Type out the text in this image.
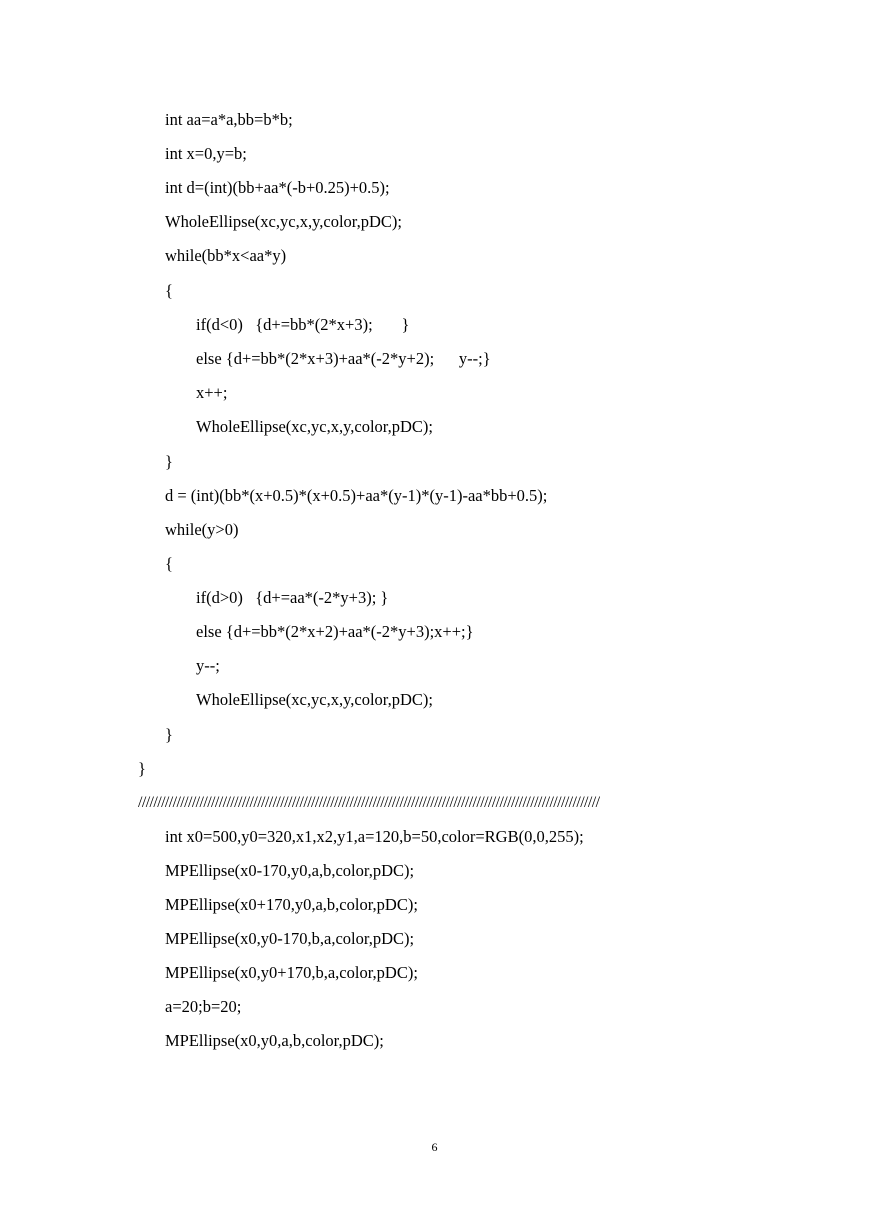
int aa=a*a,bb=b*b;
int x=0,y=b;
int d=(int)(bb+aa*(-b+0.25)+0.5);
WholeEllipse(xc,yc,x,y,color,pDC);
while(bb*x<aa*y)
{
if(d<0)   {d+=bb*(2*x+3);       }
else {d+=bb*(2*x+3)+aa*(-2*y+2);      y--;}
x++;
WholeEllipse(xc,yc,x,y,color,pDC);
}
d = (int)(bb*(x+0.5)*(x+0.5)+aa*(y-1)*(y-1)-aa*bb+0.5);
while(y>0)
{
if(d>0)   {d+=aa*(-2*y+3); }
else {d+=bb*(2*x+2)+aa*(-2*y+3);x++;}
y--;
WholeEllipse(xc,yc,x,y,color,pDC);
}
}
////////////////////////////////////////////////////////////////////////////////////////////////////////////////////////
int x0=500,y0=320,x1,x2,y1,a=120,b=50,color=RGB(0,0,255);
MPEllipse(x0-170,y0,a,b,color,pDC);
MPEllipse(x0+170,y0,a,b,color,pDC);
MPEllipse(x0,y0-170,b,a,color,pDC);
MPEllipse(x0,y0+170,b,a,color,pDC);
a=20;b=20;
MPEllipse(x0,y0,a,b,color,pDC);
6
